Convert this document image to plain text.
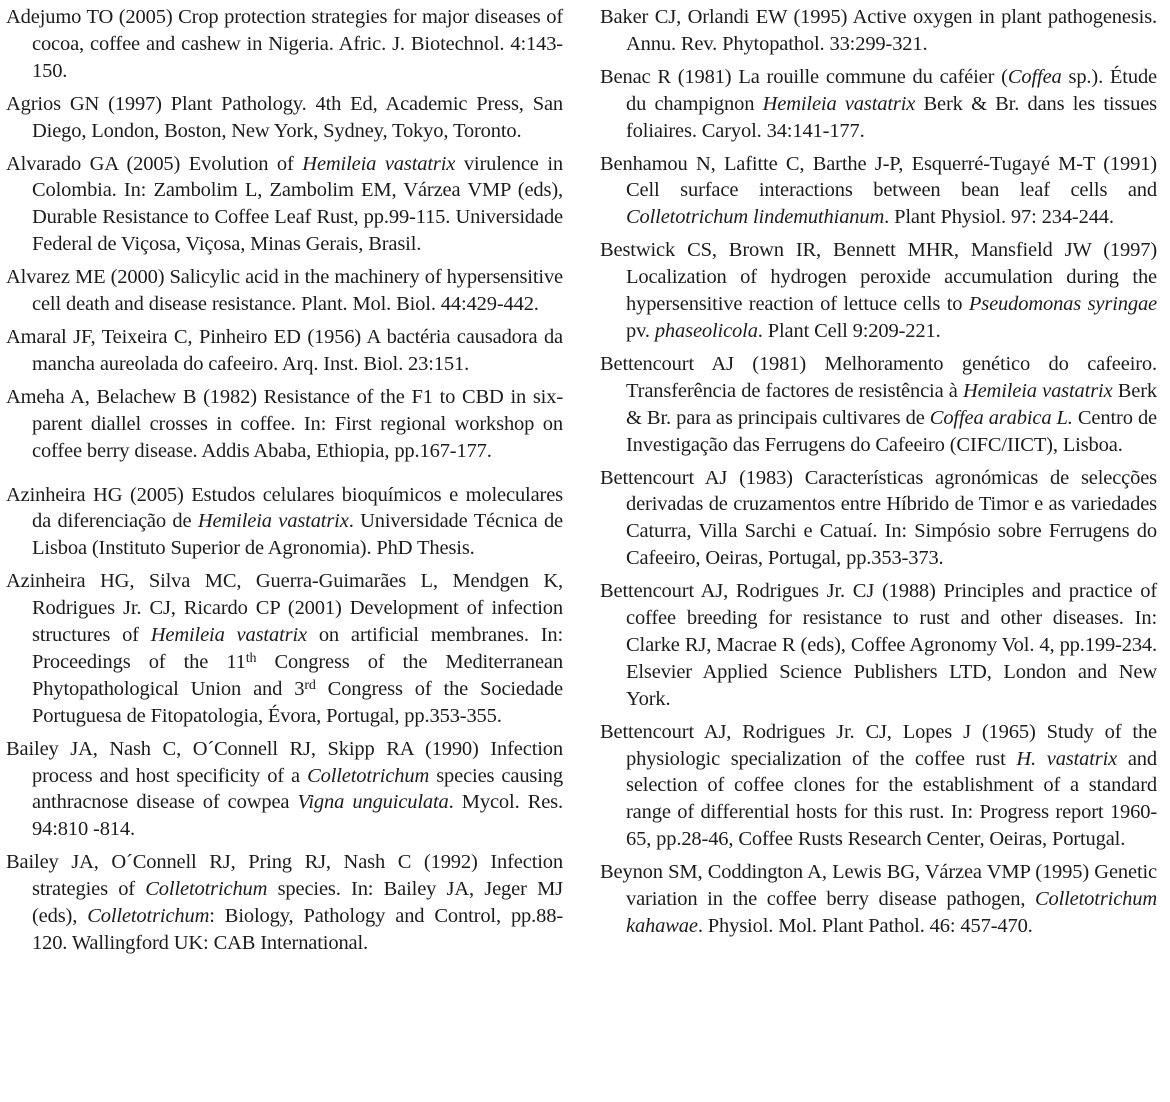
Adejumo TO (2005) Crop protection strategies for major diseases of cocoa, coffee and cashew in Nigeria. Afric. J. Biotechnol. 4:143-150.

Agrios GN (1997) Plant Pathology. 4th Ed, Academic Press, San Diego, London, Boston, New York, Sydney, Tokyo, Toronto.

Alvarado GA (2005) Evolution of Hemileia vastatrix virulence in Colombia. In: Zambolim L, Zambolim EM, Várzea VMP (eds), Durable Resistance to Coffee Leaf Rust, pp.99-115. Universidade Federal de Viçosa, Viçosa, Minas Gerais, Brasil.

Alvarez ME (2000) Salicylic acid in the machinery of hypersensitive cell death and disease resistance. Plant. Mol. Biol. 44:429-442.

Amaral JF, Teixeira C, Pinheiro ED (1956) A bactéria causadora da mancha aureolada do cafeeiro. Arq. Inst. Biol. 23:151.

Ameha A, Belachew B (1982) Resistance of the F1 to CBD in six-parent diallel crosses in coffee. In: First regional workshop on coffee berry disease. Addis Ababa, Ethiopia, pp.167-177.

Azinheira HG (2005) Estudos celulares bioquímicos e moleculares da diferenciação de Hemileia vastatrix. Universidade Técnica de Lisboa (Instituto Superior de Agronomia). PhD Thesis.

Azinheira HG, Silva MC, Guerra-Guimarães L, Mendgen K, Rodrigues Jr. CJ, Ricardo CP (2001) Development of infection structures of Hemileia vastatrix on artificial membranes. In: Proceedings of the 11th Congress of the Mediterranean Phytopathological Union and 3rd Congress of the Sociedade Portuguesa de Fitopatologia, Évora, Portugal, pp.353-355.

Bailey JA, Nash C, O´Connell RJ, Skipp RA (1990) Infection process and host specificity of a Colletotrichum species causing anthracnose disease of cowpea Vigna unguiculata. Mycol. Res. 94:810 -814.

Bailey JA, O´Connell RJ, Pring RJ, Nash C (1992) Infection strategies of Colletotrichum species. In: Bailey JA, Jeger MJ (eds), Colletotrichum: Biology, Pathology and Control, pp.88-120. Wallingford UK: CAB International.

Baker CJ, Orlandi EW (1995) Active oxygen in plant pathogenesis. Annu. Rev. Phytopathol. 33:299-321.

Benac R (1981) La rouille commune du caféier (Coffea sp.). Étude du champignon Hemileia vastatrix Berk & Br. dans les tissues foliaires. Caryol. 34:141-177.

Benhamou N, Lafitte C, Barthe J-P, Esquerré-Tugayé M-T (1991) Cell surface interactions between bean leaf cells and Colletotrichum lindemuthianum. Plant Physiol. 97: 234-244.

Bestwick CS, Brown IR, Bennett MHR, Mansfield JW (1997) Localization of hydrogen peroxide accumulation during the hypersensitive reaction of lettuce cells to Pseudomonas syringae pv. phaseolicola. Plant Cell 9:209-221.

Bettencourt AJ (1981) Melhoramento genético do cafeeiro. Transferência de factores de resistência à Hemileia vastatrix Berk & Br. para as principais cultivares de Coffea arabica L. Centro de Investigação das Ferrugens do Cafeeiro (CIFC/IICT), Lisboa.

Bettencourt AJ (1983) Características agronómicas de selecções derivadas de cruzamentos entre Híbrido de Timor e as variedades Caturra, Villa Sarchi e Catuaí. In: Simpósio sobre Ferrugens do Cafeeiro, Oeiras, Portugal, pp.353-373.

Bettencourt AJ, Rodrigues Jr. CJ (1988) Principles and practice of coffee breeding for resistance to rust and other diseases. In: Clarke RJ, Macrae R (eds), Coffee Agronomy Vol. 4, pp.199-234. Elsevier Applied Science Publishers LTD, London and New York.

Bettencourt AJ, Rodrigues Jr. CJ, Lopes J (1965) Study of the physiologic specialization of the coffee rust H. vastatrix and selection of coffee clones for the establishment of a standard range of differential hosts for this rust. In: Progress report 1960-65, pp.28-46, Coffee Rusts Research Center, Oeiras, Portugal.

Beynon SM, Coddington A, Lewis BG, Várzea VMP (1995) Genetic variation in the coffee berry disease pathogen, Colletotrichum kahawae. Physiol. Mol. Plant Pathol. 46: 457-470.
